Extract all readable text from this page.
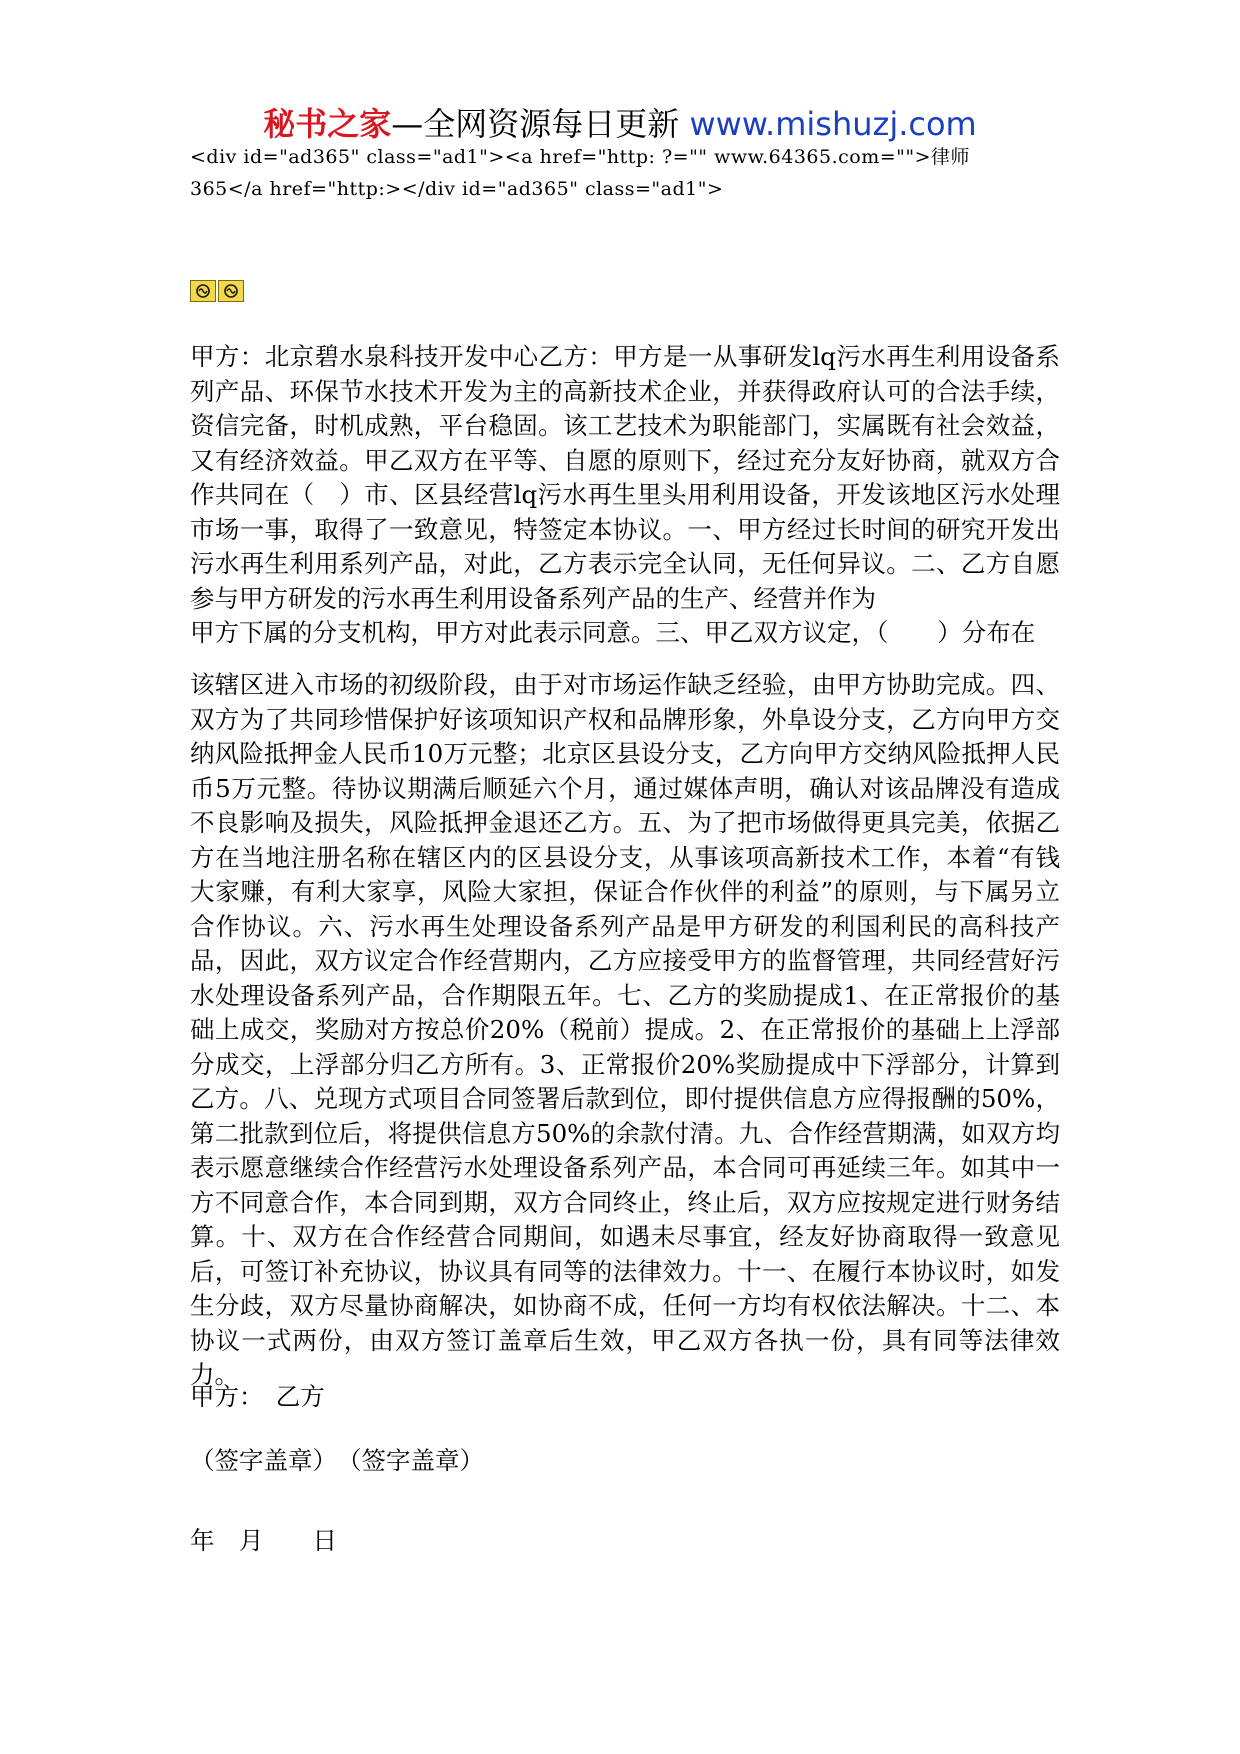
秘书之家—全网资源每日更新 www.mishuzj.com
<div id="ad365" class="ad1"><a href="http: ?="" www.64365.com="">律师
365</a href="http:></div id="ad365" class="ad1">
甲方：北京碧水泉科技开发中心乙方：甲方是一从事研发lq污水再生利用设备系列产品、环保节水技术开发为主的高新技术企业，并获得政府认可的合法手续，资信完备，时机成熟，平台稳固。该工艺技术为职能部门，实属既有社会效益，又有经济效益。甲乙双方在平等、自愿的原则下，经过充分友好协商，就双方合作共同在（　）市、区县经营lq污水再生里头用利用设备，开发该地区污水处理市场一事，取得了一致意见，特签定本协议。一、甲方经过长时间的研究开发出污水再生利用系列产品，对此，乙方表示完全认同，无任何异议。二、乙方自愿参与甲方研发的污水再生利用设备系列产品的生产、经营并作为
甲方下属的分支机构，甲方对此表示同意。三、甲乙双方议定，（　　）分布在
该辖区进入市场的初级阶段，由于对市场运作缺乏经验，由甲方协助完成。四、双方为了共同珍惜保护好该项知识产权和品牌形象，外阜设分支，乙方向甲方交纳风险抵押金人民币10万元整；北京区县设分支，乙方向甲方交纳风险抵押人民币5万元整。待协议期满后顺延六个月，通过媒体声明，确认对该品牌没有造成不良影响及损失，风险抵押金退还乙方。五、为了把市场做得更具完美，依据乙方在当地注册名称在辖区内的区县设分支，从事该项高新技术工作，本着“有钱大家赚，有利大家享，风险大家担，保证合作伙伴的利益”的原则，与下属另立合作协议。六、污水再生处理设备系列产品是甲方研发的利国利民的高科技产品，因此，双方议定合作经营期内，乙方应接受甲方的监督管理，共同经营好污水处理设备系列产品，合作期限五年。七、乙方的奖励提成1、在正常报价的基础上成交，奖励对方按总价20%（税前）提成。2、在正常报价的基础上上浮部分成交，上浮部分归乙方所有。3、正常报价20%奖励提成中下浮部分，计算到乙方。八、兑现方式项目合同签署后款到位，即付提供信息方应得报酬的50%，第二批款到位后，将提供信息方50%的余款付清。九、合作经营期满，如双方均表示愿意继续合作经营污水处理设备系列产品，本合同可再延续三年。如其中一方不同意合作，本合同到期，双方合同终止，终止后，双方应按规定进行财务结算。十、双方在合作经营合同期间，如遇未尽事宜，经友好协商取得一致意见后，可签订补充协议，协议具有同等的法律效力。十一、在履行本协议时，如发生分歧，双方尽量协商解决，如协商不成，任何一方均有权依法解决。十二、本协议一式两份，由双方签订盖章后生效，甲乙双方各执一份，具有同等法律效力。
甲方：　乙方
（签字盖章）　（签字盖章）
年　月　　日
